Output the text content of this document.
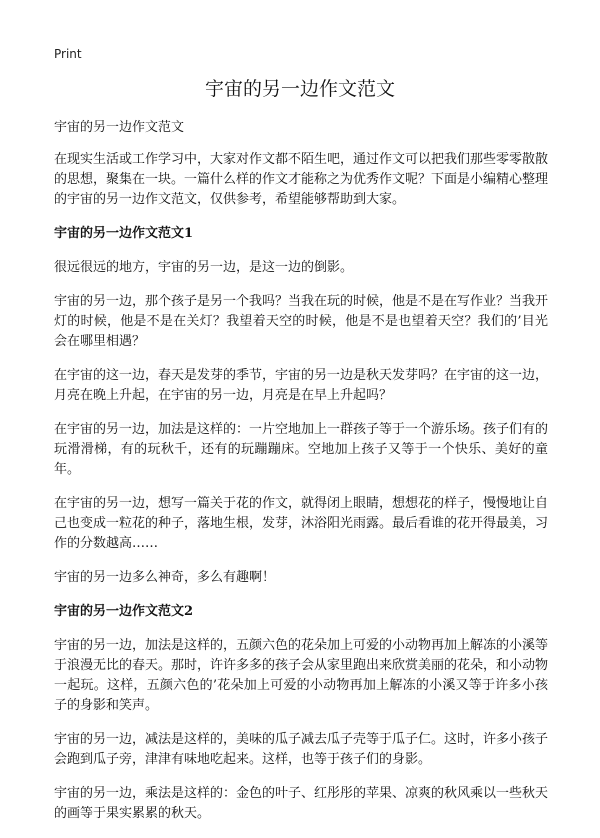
Print
宇宙的另一边作文范文

宇宙的另一边作文范文

在现实生活或工作学习中，大家对作文都不陌生吧，通过作文可以把我们那些零零散散的思想，聚集在一块。一篇什么样的作文才能称之为优秀作文呢？下面是小编精心整理的宇宙的另一边作文范文，仅供参考，希望能够帮助到大家。

宇宙的另一边作文范文1

很远很远的地方，宇宙的另一边，是这一边的倒影。

宇宙的另一边，那个孩子是另一个我吗？当我在玩的时候，他是不是在写作业？当我开灯的时候，他是不是在关灯？我望着天空的时候，他是不是也望着天空？我们的’目光会在哪里相遇？

在宇宙的这一边，春天是发芽的季节，宇宙的另一边是秋天发芽吗？在宇宙的这一边，月亮在晚上升起，在宇宙的另一边，月亮是在早上升起吗？

在宇宙的另一边，加法是这样的：一片空地加上一群孩子等于一个游乐场。孩子们有的玩滑滑梯，有的玩秋千，还有的玩蹦蹦床。空地加上孩子又等于一个快乐、美好的童年。

在宇宙的另一边，想写一篇关于花的作文，就得闭上眼睛，想想花的样子，慢慢地让自己也变成一粒花的种子，落地生根，发芽，沐浴阳光雨露。最后看谁的花开得最美，习作的分数越高……

宇宙的另一边多么神奇，多么有趣啊！

宇宙的另一边作文范文2

宇宙的另一边，加法是这样的，五颜六色的花朵加上可爱的小动物再加上解冻的小溪等于浪漫无比的春天。那时，许许多多的孩子会从家里跑出来欣赏美丽的花朵，和小动物一起玩。这样，五颜六色的’花朵加上可爱的小动物再加上解冻的小溪又等于许多小孩子的身影和笑声。

宇宙的另一边，减法是这样的，美味的瓜子减去瓜子壳等于瓜子仁。这时，许多小孩子会跑到瓜子旁，津津有味地吃起来。这样，也等于孩子们的身影。

宇宙的另一边，乘法是这样的：金色的叶子、红彤彤的苹果、凉爽的秋风乘以一些秋天的画等于果实累累的秋天。
